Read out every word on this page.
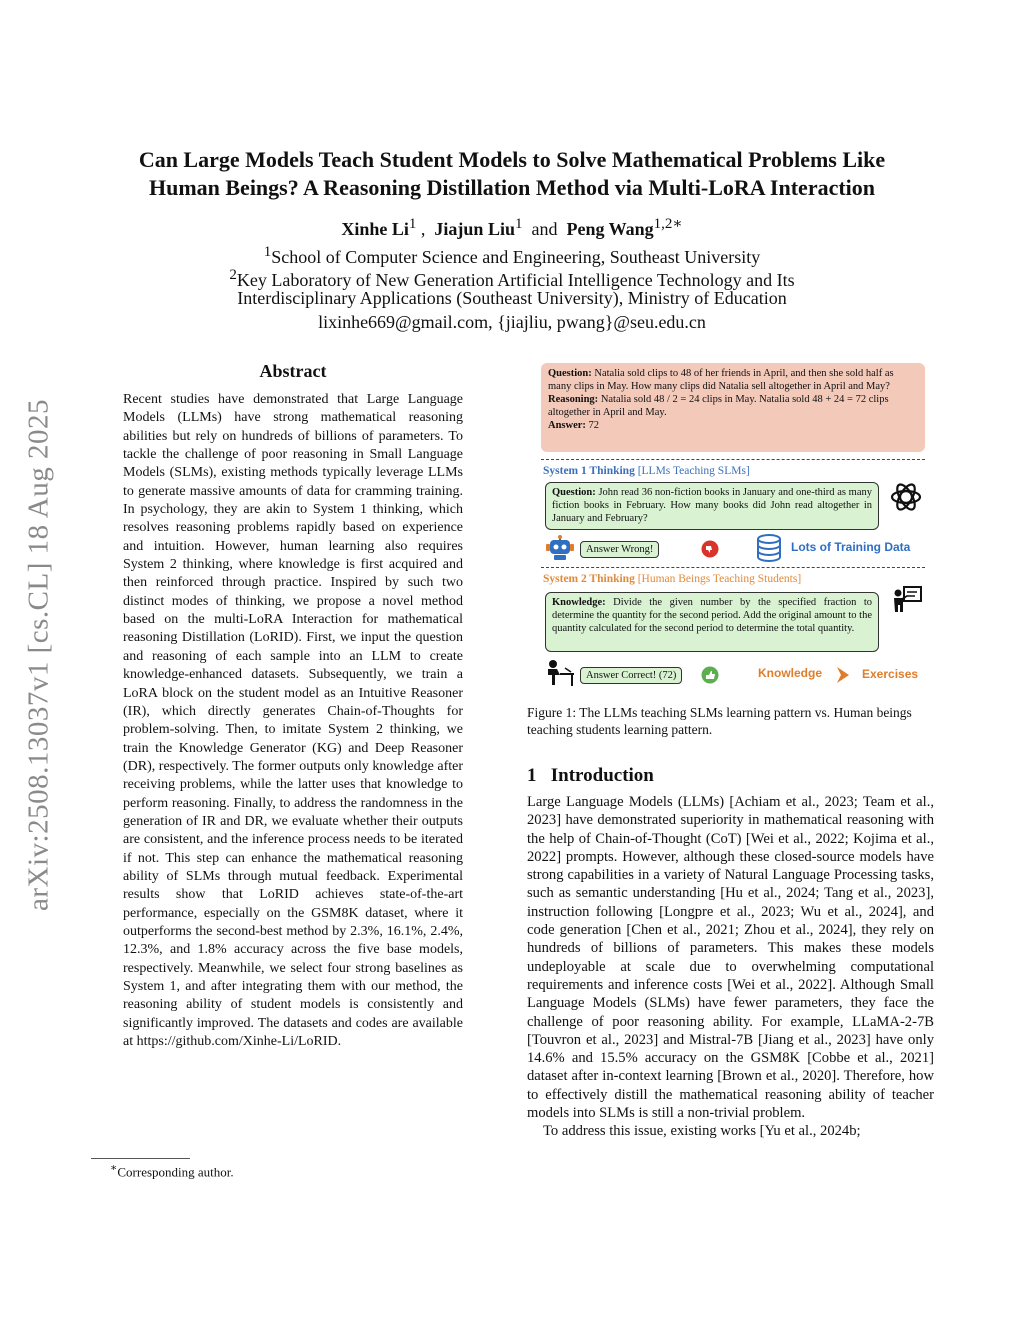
arXiv:2508.13037v1 [cs.CL] 18 Aug 2025
Can Large Models Teach Student Models to Solve Mathematical Problems Like
Human Beings? A Reasoning Distillation Method via Multi-LoRA Interaction
Xinhe Li$^1$ ,  Jiajun Liu$^1$ and Peng Wang$^{1,2∗}$
$^1$School of Computer Science and Engineering, Southeast University
$^2$Key Laboratory of New Generation Artificial Intelligence Technology and Its
Interdisciplinary Applications (Southeast University), Ministry of Education
lixinhe669@gmail.com, {jiajliu, pwang}@seu.edu.cn
Abstract
Recent studies have demonstrated that Large Language Models (LLMs) have strong mathematical reasoning abilities but rely on hundreds of billions of parameters. To tackle the challenge of poor reasoning in Small Language Models (SLMs), existing methods typically leverage LLMs to generate massive amounts of data for cramming training. In psychology, they are akin to System 1 thinking, which resolves reasoning problems rapidly based on experience and intuition. However, human learning also requires System 2 thinking, where knowledge is first acquired and then reinforced through practice. Inspired by such two distinct modes of thinking, we propose a novel method based on the multi-LoRA Interaction for mathematical reasoning Distillation (LoRID). First, we input the question and reasoning of each sample into an LLM to create knowledge-enhanced datasets. Subsequently, we train a LoRA block on the student model as an Intuitive Reasoner (IR), which directly generates Chain-of-Thoughts for problem-solving. Then, to imitate System 2 thinking, we train the Knowledge Generator (KG) and Deep Reasoner (DR), respectively. The former outputs only knowledge after receiving problems, while the latter uses that knowledge to perform reasoning. Finally, to address the randomness in the generation of IR and DR, we evaluate whether their outputs are consistent, and the inference process needs to be iterated if not. This step can enhance the mathematical reasoning ability of SLMs through mutual feedback. Experimental results show that LoRID achieves state-of-the-art performance, especially on the GSM8K dataset, where it outperforms the second-best method by 2.3%, 16.1%, 2.4%, 12.3%, and 1.8% accuracy across the five base models, respectively. Meanwhile, we select four strong baselines as System 1, and after integrating them with our method, the reasoning ability of student models is consistently and significantly improved. The datasets and codes are available at https://github.com/Xinhe-Li/LoRID.
∗Corresponding author.
Question: Natalia sold clips to 48 of her friends in April, and then she sold half as many clips in May. How many clips did Natalia sell altogether in April and May?
Reasoning: Natalia sold 48 / 2 = 24 clips in May. Natalia sold 48 + 24 = 72 clips altogether in April and May.
Answer: 72
System 1 Thinking [LLMs Teaching SLMs]
Question: John read 36 non-fiction books in January and one-third as many fiction books in February. How many books did John read altogether in January and February?
Answer Wrong!	Lots of Training Data
System 2 Thinking [Human Beings Teaching Students]
Knowledge: Divide the given number by the specified fraction to determine the quantity for the second period. Add the original amount to the quantity calculated for the second period to determine the total quantity.
Answer Correct! (72)	Knowledge	Exercises
Figure 1: The LLMs teaching SLMs learning pattern vs. Human beings teaching students learning pattern.
1   Introduction
Large Language Models (LLMs) [Achiam et al., 2023; Team et al., 2023] have demonstrated superiority in mathematical reasoning with the help of Chain-of-Thought (CoT) [Wei et al., 2022; Kojima et al., 2022] prompts. However, although these closed-source models have strong capabilities in a variety of Natural Language Processing tasks, such as semantic understanding [Hu et al., 2024; Tang et al., 2023], instruction following [Longpre et al., 2023; Wu et al., 2024], and code generation [Chen et al., 2021; Zhou et al., 2024], they rely on hundreds of billions of parameters. This makes these models undeployable at scale due to overwhelming computational requirements and inference costs [Wei et al., 2022]. Although Small Language Models (SLMs) have fewer parameters, they face the challenge of poor reasoning ability. For example, LLaMA-2-7B [Touvron et al., 2023] and Mistral-7B [Jiang et al., 2023] have only 14.6% and 15.5% accuracy on the GSM8K [Cobbe et al., 2021] dataset after in-context learning [Brown et al., 2020]. Therefore, how to effectively distill the mathematical reasoning ability of teacher models into SLMs is still a non-trivial problem.
To address this issue, existing works [Yu et al., 2024b;
